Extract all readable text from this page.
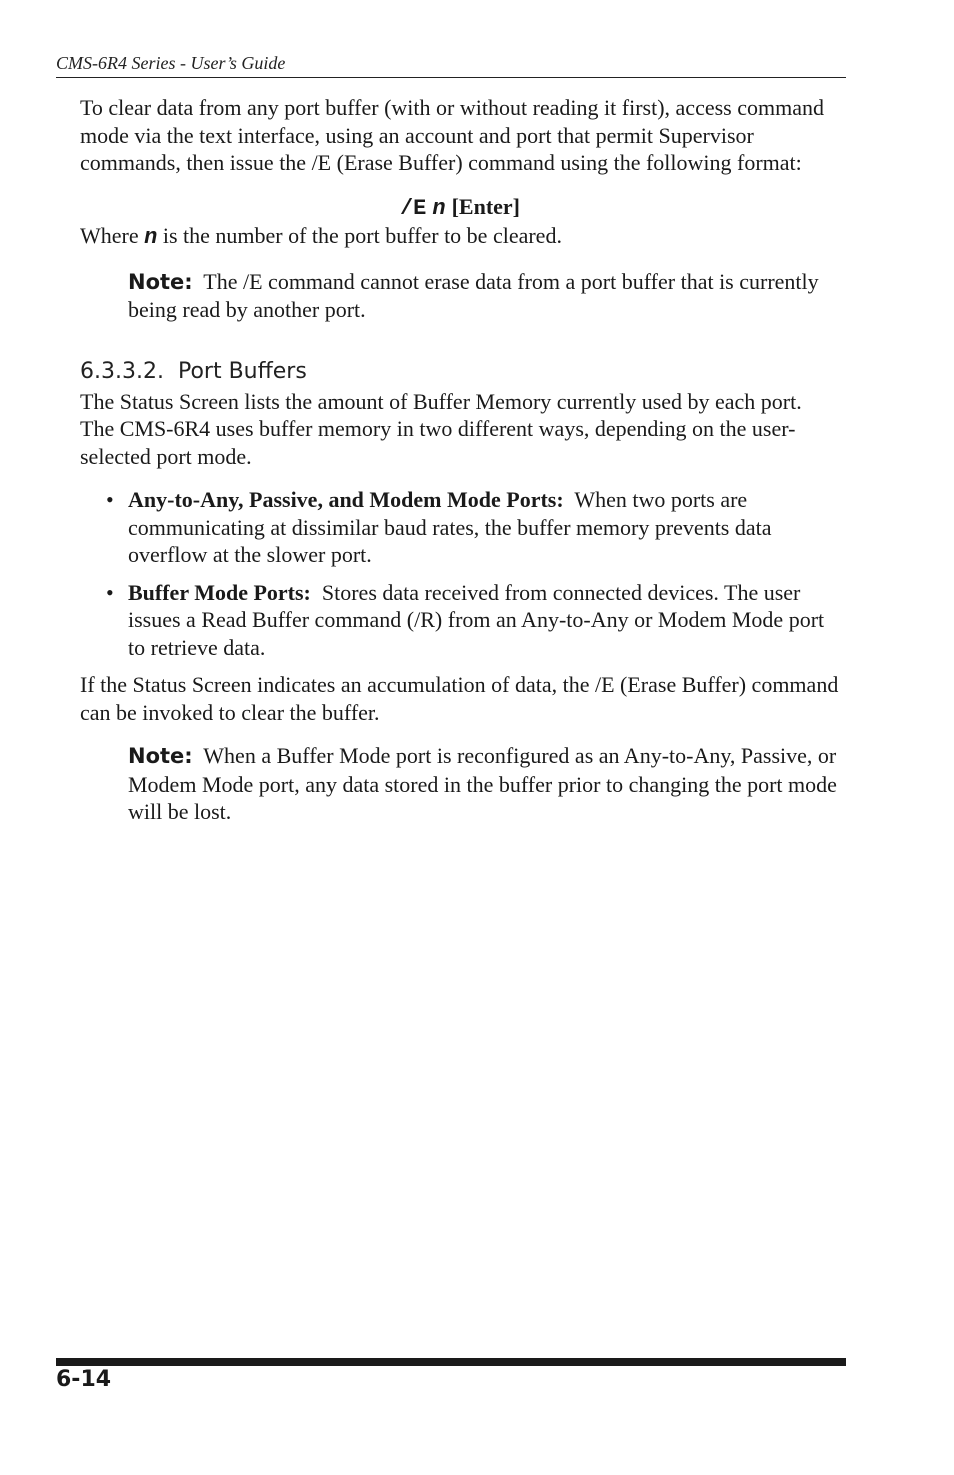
CMS-6R4 Series - User’s Guide

To clear data from any port buffer (with or without reading it first), access command mode via the text interface, using an account and port that permit Supervisor commands, then issue the /E (Erase Buffer) command using the following format:

/E n [Enter]

Where n is the number of the port buffer to be cleared.

Note: The /E command cannot erase data from a port buffer that is currently being read by another port.
6.3.3.2. Port Buffers

The Status Screen lists the amount of Buffer Memory currently used by each port. The CMS-6R4 uses buffer memory in two different ways, depending on the user-selected port mode.

• Any-to-Any, Passive, and Modem Mode Ports: When two ports are communicating at dissimilar baud rates, the buffer memory prevents data overflow at the slower port.
• Buffer Mode Ports: Stores data received from connected devices. The user issues a Read Buffer command (/R) from an Any-to-Any or Modem Mode port to retrieve data.

If the Status Screen indicates an accumulation of data, the /E (Erase Buffer) command can be invoked to clear the buffer.

Note: When a Buffer Mode port is reconfigured as an Any-to-Any, Passive, or Modem Mode port, any data stored in the buffer prior to changing the port mode will be lost.
6-14
